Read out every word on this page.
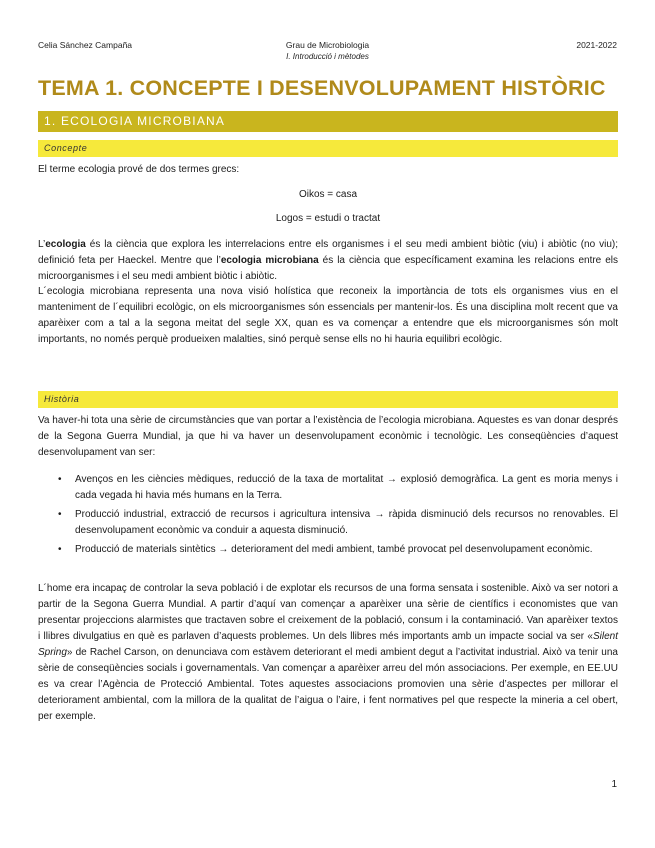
Celia Sánchez Campaña	Grau de Microbiologia
I. Introducció i mètodes
2021-2022
TEMA 1. CONCEPTE I DESENVOLUPAMENT HISTÒRIC
1. ECOLOGIA MICROBIANA
Concepte
El terme ecologia prové de dos termes grecs:
Oikos = casa
Logos = estudi o tractat
L’ecologia és la ciència que explora les interrelacions entre els organismes i el seu medi ambient biòtic (viu) i abiòtic (no viu); definició feta per Haeckel. Mentre que l’ecologia microbiana és la ciència que específicament examina les relacions entre els microorganismes i el seu medi ambient biòtic i abiòtic.
L´ecologia microbiana representa una nova visió holística que reconeix la importància de tots els organismes vius en el manteniment de l´equilibri ecològic, on els microorganismes són essencials per mantenir-los. És una disciplina molt recent que va aparèixer com a tal a la segona meitat del segle XX, quan es va començar a entendre que els microorganismes són molt importants, no només perquè produeixen malalties, sinó perquè sense ells no hi hauria equilibri ecològic.
Història
Va haver-hi tota una sèrie de circumstàncies que van portar a l’existència de l’ecologia microbiana. Aquestes es van donar després de la Segona Guerra Mundial, ja que hi va haver un desenvolupament econòmic i tecnològic. Les conseqüències d’aquest desenvolupament van ser:
• Avenços en les ciències mèdiques, reducció de la taxa de mortalitat → explosió demogràfica. La gent es moria menys i cada vegada hi havia més humans en la Terra.
• Producció industrial, extracció de recursos i agricultura intensiva → ràpida disminució dels recursos no renovables. El desenvolupament econòmic va conduir a aquesta disminució.
• Producció de materials sintètics → deteriorament del medi ambient, també provocat pel desenvolupament econòmic.
L´home era incapaç de controlar la seva població i de explotar els recursos de una forma sensata i sostenible. Això va ser notori a partir de la Segona Guerra Mundial. A partir d’aquí van començar a aparèixer una sèrie de científics i economistes que van presentar projeccions alarmistes que tractaven sobre el creixement de la població, consum i la contaminació. Van aparèixer textos i llibres divulgatius en què es parlaven d’aquests problemes. Un dels llibres més importants amb un impacte social va ser «Silent Spring» de Rachel Carson, on denunciava com estàvem deteriorant el medi ambient degut a l’activitat industrial. Això va tenir una sèrie de conseqüències socials i governamentals. Van començar a aparèixer arreu del món associacions. Per exemple, en EE.UU es va crear l’Agència de Protecció Ambiental. Totes aquestes associacions promovien una sèrie d’aspectes per millorar el deteriorament ambiental, com la millora de la qualitat de l’aigua o l’aire, i fent normatives pel que respecte la mineria a cel obert, per exemple.
1
